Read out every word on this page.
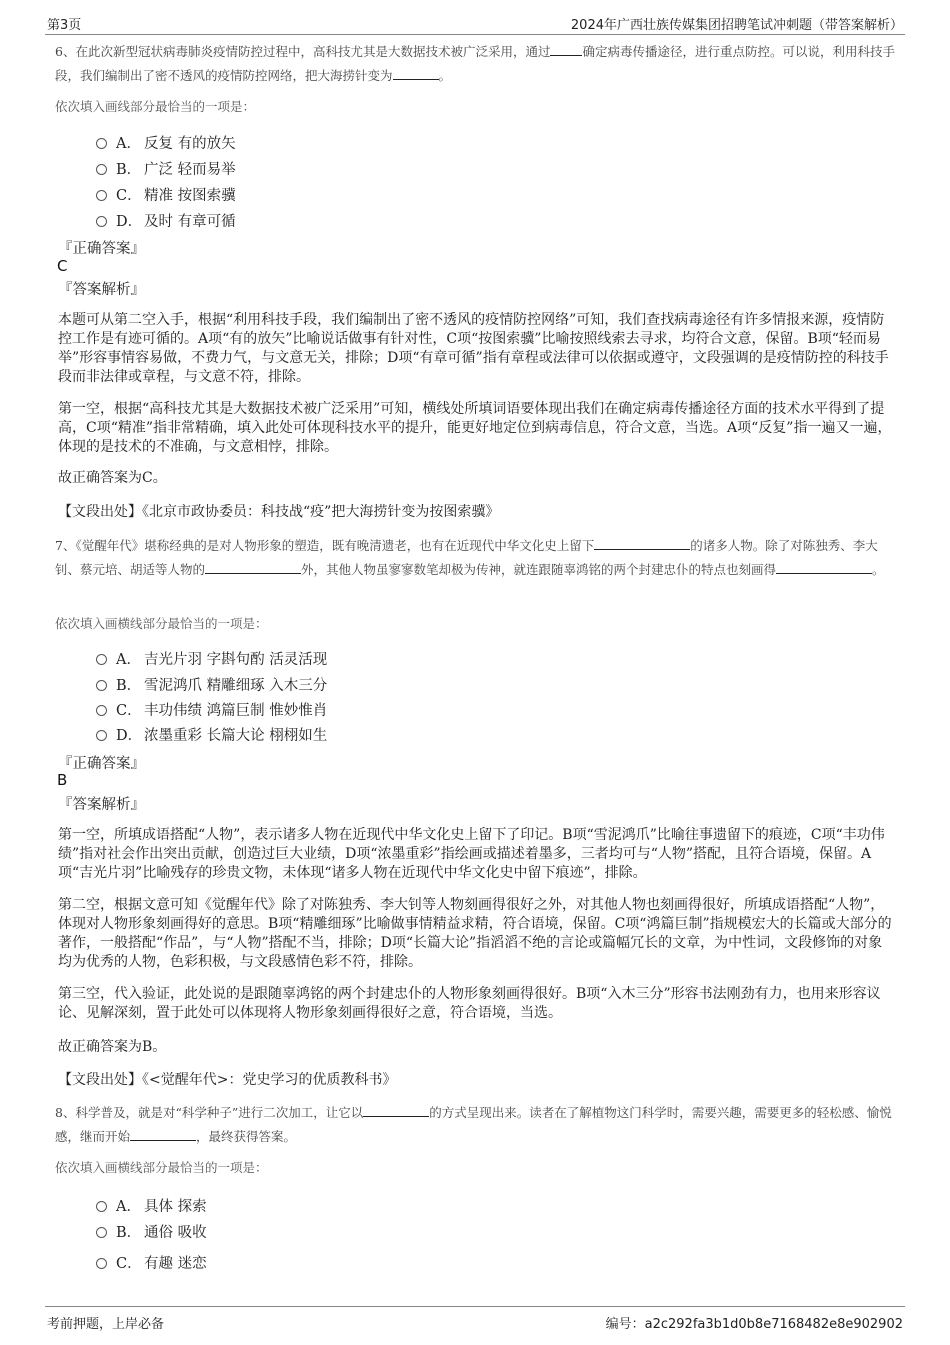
第3页	2024年广西壮族传媒集团招聘笔试冲刺题（带答案解析）
6、在此次新型冠状病毒肺炎疫情防控过程中，高科技尤其是大数据技术被广泛采用，通过	确定病毒传播途径，进行重点防控。可以说，利用科技手段，我们编制出了密不透风的疫情防控网络，把大海捞针变为	。
依次填入画线部分最恰当的一项是：
A． 反复 有的放矢
B． 广泛 轻而易举
C． 精准 按图索骥
D． 及时 有章可循
『正确答案』
C
『答案解析』
本题可从第二空入手，根据“利用科技手段，我们编制出了密不透风的疫情防控网络”可知，我们查找病毒途径有许多情报来源，疫情防控工作是有迹可循的。A项“有的放矢”比喻说话做事有针对性，C项“按图索骥”比喻按照线索去寻求，均符合文意，保留。B项“轻而易举”形容事情容易做，不费力气，与文意无关，排除；D项“有章可循”指有章程或法律可以依据或遵守，文段强调的是疫情防控的科技手段而非法律或章程，与文意不符，排除。
第一空，根据“高科技尤其是大数据技术被广泛采用”可知，横线处所填词语要体现出我们在确定病毒传播途径方面的技术水平得到了提高，C项“精准”指非常精确，填入此处可体现科技水平的提升，能更好地定位到病毒信息，符合文意，当选。A项“反复”指一遍又一遍，体现的是技术的不准确，与文意相悖，排除。
故正确答案为C。
【文段出处】《北京市政协委员：科技战“疫”把大海捞针变为按图索骥》
7、《觉醒年代》堪称经典的是对人物形象的塑造，既有晚清遗老，也有在近现代中华文化史上留下	的诸多人物。除了对陈独秀、李大钊、蔡元培、胡适等人物的	外，其他人物虽寥寥数笔却极为传神，就连跟随辜鸿铭的两个封建忠仆的特点也刻画得	。
依次填入画横线部分最恰当的一项是：
A． 吉光片羽 字斟句酌 活灵活现
B． 雪泥鸿爪 精雕细琢 入木三分
C． 丰功伟绩 鸿篇巨制 惟妙惟肖
D． 浓墨重彩 长篇大论 栩栩如生
『正确答案』
B
『答案解析』
第一空，所填成语搭配“人物”，表示诸多人物在近现代中华文化史上留下了印记。B项“雪泥鸿爪”比喻往事遗留下的痕迹，C项“丰功伟绩”指对社会作出突出贡献，创造过巨大业绩，D项“浓墨重彩”指绘画或描述着墨多，三者均可与“人物”搭配，且符合语境，保留。A项“吉光片羽”比喻残存的珍贵文物，未体现“诸多人物在近现代中华文化史中留下痕迹”，排除。
第二空，根据文意可知《觉醒年代》除了对陈独秀、李大钊等人物刻画得很好之外，对其他人物也刻画得很好，所填成语搭配“人物”，体现对人物形象刻画得好的意思。B项“精雕细琢”比喻做事情精益求精，符合语境，保留。C项“鸿篇巨制”指规模宏大的长篇或大部分的著作，一般搭配“作品”，与“人物”搭配不当，排除；D项“长篇大论”指滔滔不绝的言论或篇幅冗长的文章，为中性词，文段修饰的对象均为优秀的人物，色彩积极，与文段感情色彩不符，排除。
第三空，代入验证，此处说的是跟随辜鸿铭的两个封建忠仆的人物形象刻画得很好。B项“入木三分”形容书法刚劲有力，也用来形容议论、见解深刻，置于此处可以体现将人物形象刻画得很好之意，符合语境，当选。
故正确答案为B。
【文段出处】《<觉醒年代>：党史学习的优质教科书》
8、科学普及，就是对“科学种子”进行二次加工，让它以	的方式呈现出来。读者在了解植物这门科学时，需要兴趣，需要更多的轻松感、愉悦感，继而开始	，最终获得答案。
依次填入画横线部分最恰当的一项是：
A． 具体 探索
B． 通俗 吸收
C． 有趣 迷恋
考前押题，上岸必备	编号：a2c292fa3b1d0b8e7168482e8e902902
